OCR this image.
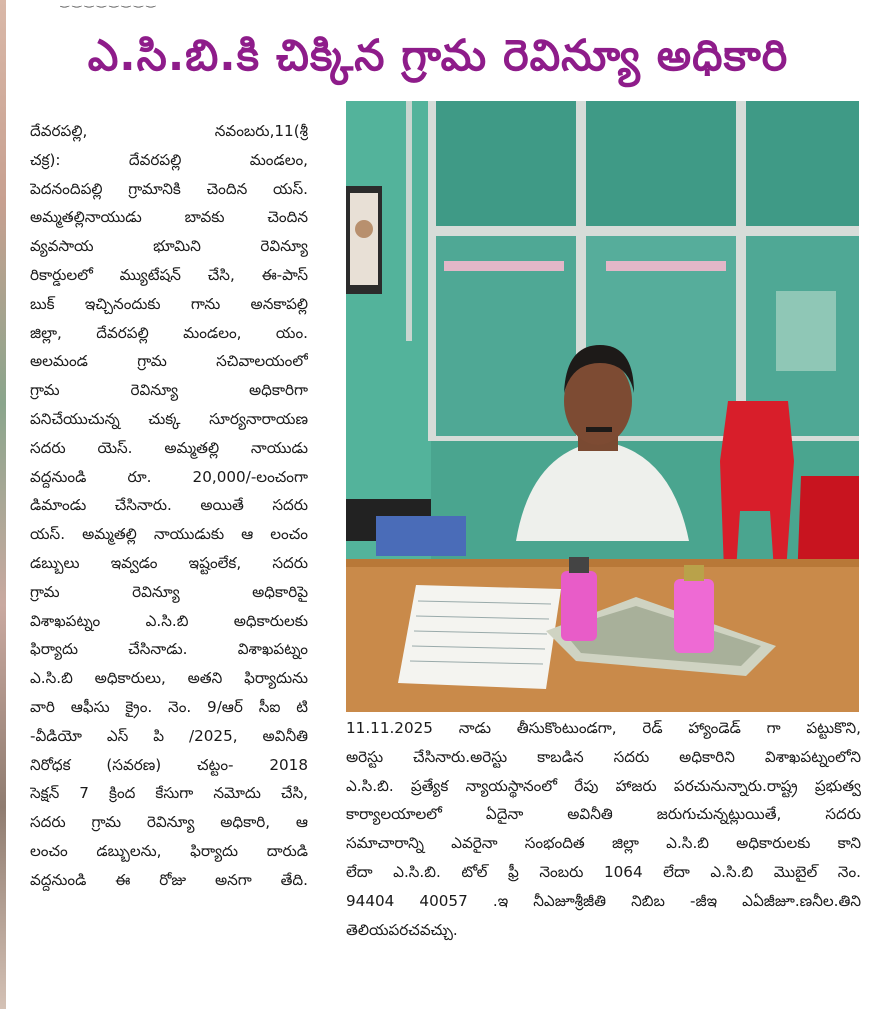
‿ ‿ ‿ ‿ ‿ ‿ ‿ ‿
ఎ.సి.బి.కి చిక్కిన గ్రామ రెవిన్యూ అధికారి

దేవరపల్లి, నవంబరు,11(శ్రీ

చక్ర): దేవరపల్లి మండలం,

పెదనందిపల్లి గ్రామానికి చెందిన యస్.

అమ్మతల్లినాయుడు బావకు చెందిన

వ్యవసాయ భూమిని రెవిన్యూ

రికార్డులలో మ్యుటేషన్ చేసి, ఈ-పాస్

బుక్ ఇచ్చినందుకు గాను అనకాపల్లి

జిల్లా, దేవరపల్లి మండలం, యం.

అలమండ గ్రామ సచివాలయంలో

గ్రామ రెవిన్యూ అధికారిగా

పనిచేయుచున్న చుక్క సూర్యనారాయణ

సదరు యెస్. అమ్మతల్లి నాయుడు

వద్దనుండి రూ. 20,000/-లంచంగా

డిమాండు చేసినారు. అయితే సదరు

యస్. అమ్మతల్లి నాయుడుకు ఆ లంచం

డబ్బులు ఇవ్వడం ఇష్టంలేక, సదరు

గ్రామ రెవిన్యూ అధికారిపై

విశాఖపట్నం ఎ.సి.బి అధికారులకు

ఫిర్యాదు చేసినాడు. విశాఖపట్నం

ఎ.సి.బి అధికారులు, అతని ఫిర్యాదును

వారి ఆఫీసు క్రైం. నెం. 9/ఆర్ సీఐ టి

-వీడియో ఎస్ పి /2025, అవినీతి

నిరోధక (సవరణ) చట్టం- 2018

సెక్షన్ 7 క్రింద కేసుగా నమోదు చేసి,

సదరు గ్రామ రెవిన్యూ అధికారి, ఆ

లంచం డబ్బులను, ఫిర్యాదు దారుడి

వద్దనుండి ఈ రోజు అనగా తేది.

11.11.2025 నాడు తీసుకొంటుండగా, రెడ్ హ్యాండెడ్ గా పట్టుకొని,

అరెస్టు చేసినారు.అరెస్టు కాబడిన సదరు అధికారిని విశాఖపట్నంలోని

ఎ.సి.బి. ప్రత్యేక న్యాయస్థానంలో రేపు హాజరు పరచునున్నారు.రాష్ట్ర ప్రభుత్వ

కార్యాలయాలలో ఏదైనా అవినీతి జరుగుచున్నట్లుయితే, సదరు

సమాచారాన్ని ఎవరైనా సంభందిత జిల్లా ఎ.సి.బి అధికారులకు కాని

లేదా ఎ.సి.బి. టోల్ ఫ్రీ నెంబరు 1064 లేదా ఎ.సి.బి మొబైల్ నెం.

94404 40057 .ఇ నీఎజూశ్రీజీతి నిబిబ -జీఇ ఎఏజీజూ.ణనీల.తిని

తెలియపరచవచ్చు.
